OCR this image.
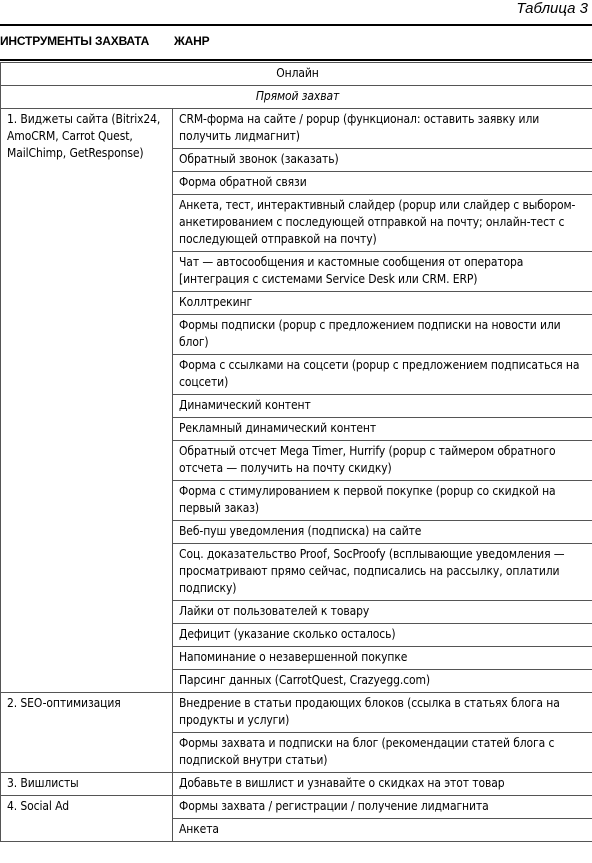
Таблица 3
ИНСТРУМЕНТЫ ЗАХВАТА ЖАНР
Онлайн	
Прямой захват	
1. Виджеты сайта (Bitrix24, AmoCRM, Carrot Quest, MailChimp, GetResponse)	CRM-форма на сайте / popup (функционал: оставить заявку или получить лидмагнит)
	Обратный звонок (заказать)
	Форма обратной связи
	Анкета, тест, интерактивный слайдер (popup или слайдер с выбором-анкетированием с последующей отправкой на почту; онлайн-тест с последующей отправкой на почту)
	Чат — автосообщения и кастомные сообщения от оператора [интеграция с системами Service Desk или CRM. ERP)
	Коллтрекинг
	Формы подписки (popup с предложением подписки на новости или блог)
	Форма с ссылками на соцсети (popup с предложением подписаться на соцсети)
	Динамический контент
	Рекламный динамический контент
	Обратный отсчет Mega Timer, Hurrify (popup с таймером обратного отсчета — получить на почту скидку)
	Форма с стимулированием к первой покупке (popup со скидкой на первый заказ)
	Веб-пуш уведомления (подписка) на сайте
	Соц. доказательство Proof, SocProofy (всплывающие уведомления — просматривают прямо сейчас, подписались на рассылку, оплатили подписку)
	Лайки от пользователей к товару
	Дефицит (указание сколько осталось)
	Напоминание о незавершенной покупке
	Парсинг данных (CarrotQuest, Crazyegg.com)
2. SEO-оптимизация	Внедрение в статьи продающих блоков (ссылка в статьях блога на продукты и услуги)
	Формы захвата и подписки на блог (рекомендации статей блога с подпиской внутри статьи)
3. Вишлисты	Добавьте в вишлист и узнавайте о скидках на этот товар
4. Social Ad	Формы захвата / регистрации / получение лидмагнита
	Анкета
